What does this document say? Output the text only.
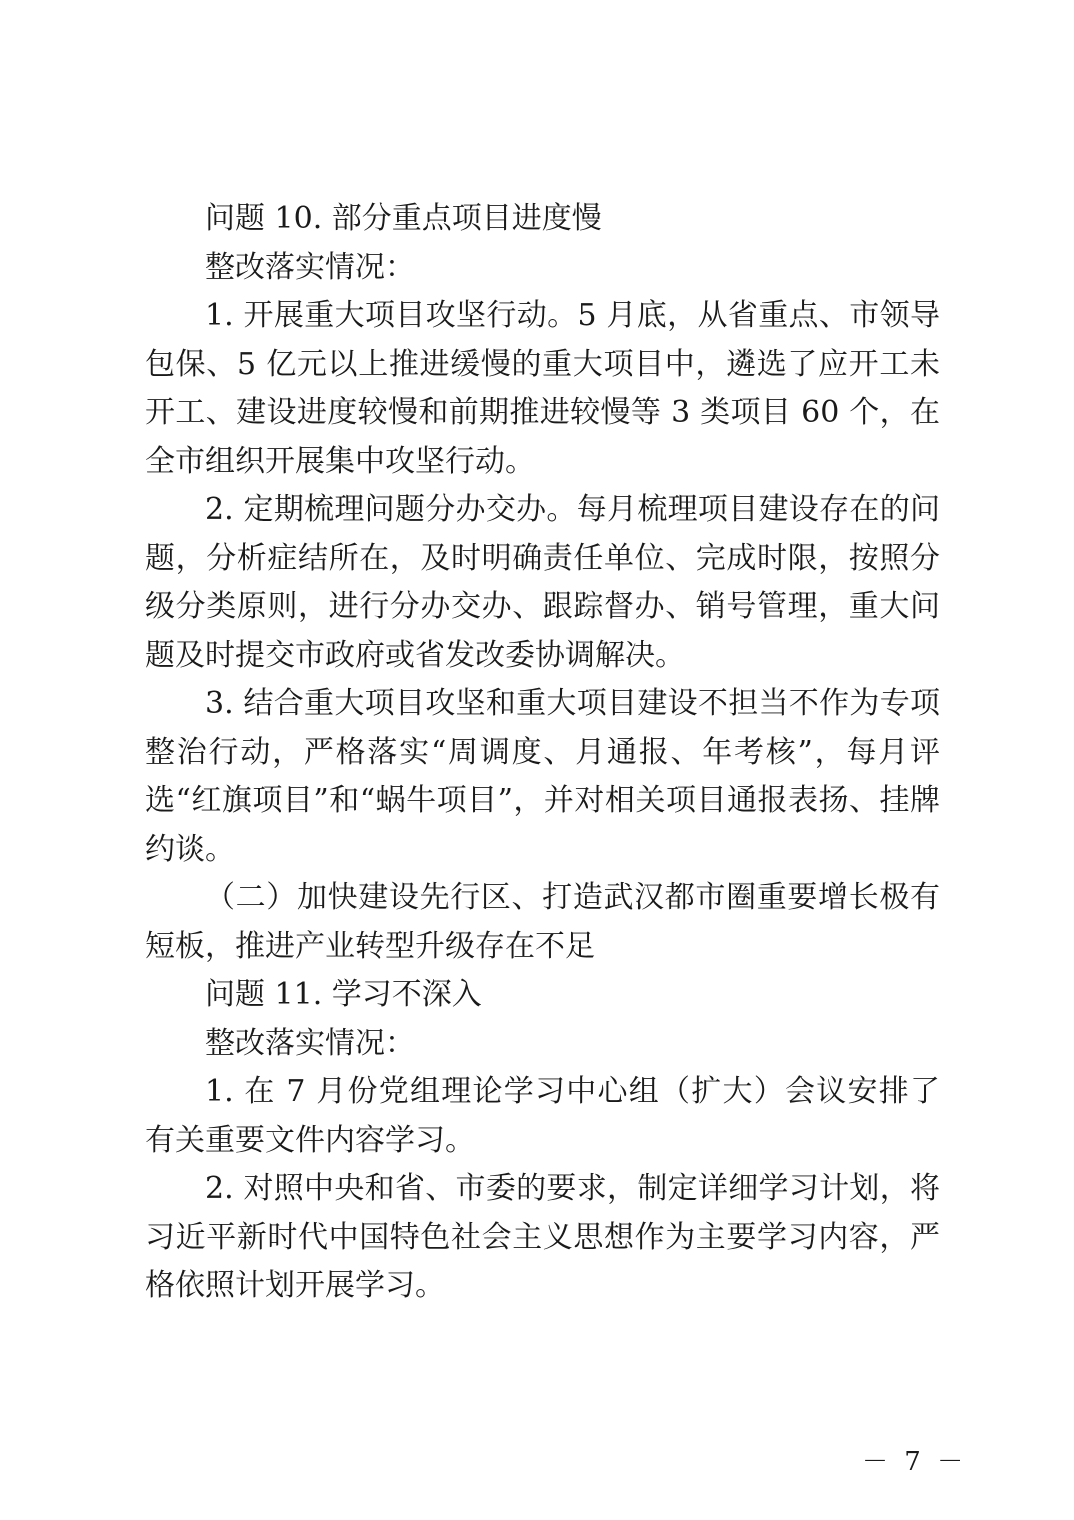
问题 10. 部分重点项目进度慢

整改落实情况：

1. 开展重大项目攻坚行动。5 月底，从省重点、市领导包保、5 亿元以上推进缓慢的重大项目中，遴选了应开工未开工、建设进度较慢和前期推进较慢等 3 类项目 60 个，在全市组织开展集中攻坚行动。

2. 定期梳理问题分办交办。每月梳理项目建设存在的问题，分析症结所在，及时明确责任单位、完成时限，按照分级分类原则，进行分办交办、跟踪督办、销号管理，重大问题及时提交市政府或省发改委协调解决。

3. 结合重大项目攻坚和重大项目建设不担当不作为专项整治行动，严格落实“周调度、月通报、年考核”，每月评选“红旗项目”和“蜗牛项目”，并对相关项目通报表扬、挂牌约谈。

（二）加快建设先行区、打造武汉都市圈重要增长极有短板，推进产业转型升级存在不足

问题 11. 学习不深入

整改落实情况：

1. 在 7 月份党组理论学习中心组（扩大）会议安排了有关重要文件内容学习。

2. 对照中央和省、市委的要求，制定详细学习计划，将习近平新时代中国特色社会主义思想作为主要学习内容，严格依照计划开展学习。

－ 7 －
